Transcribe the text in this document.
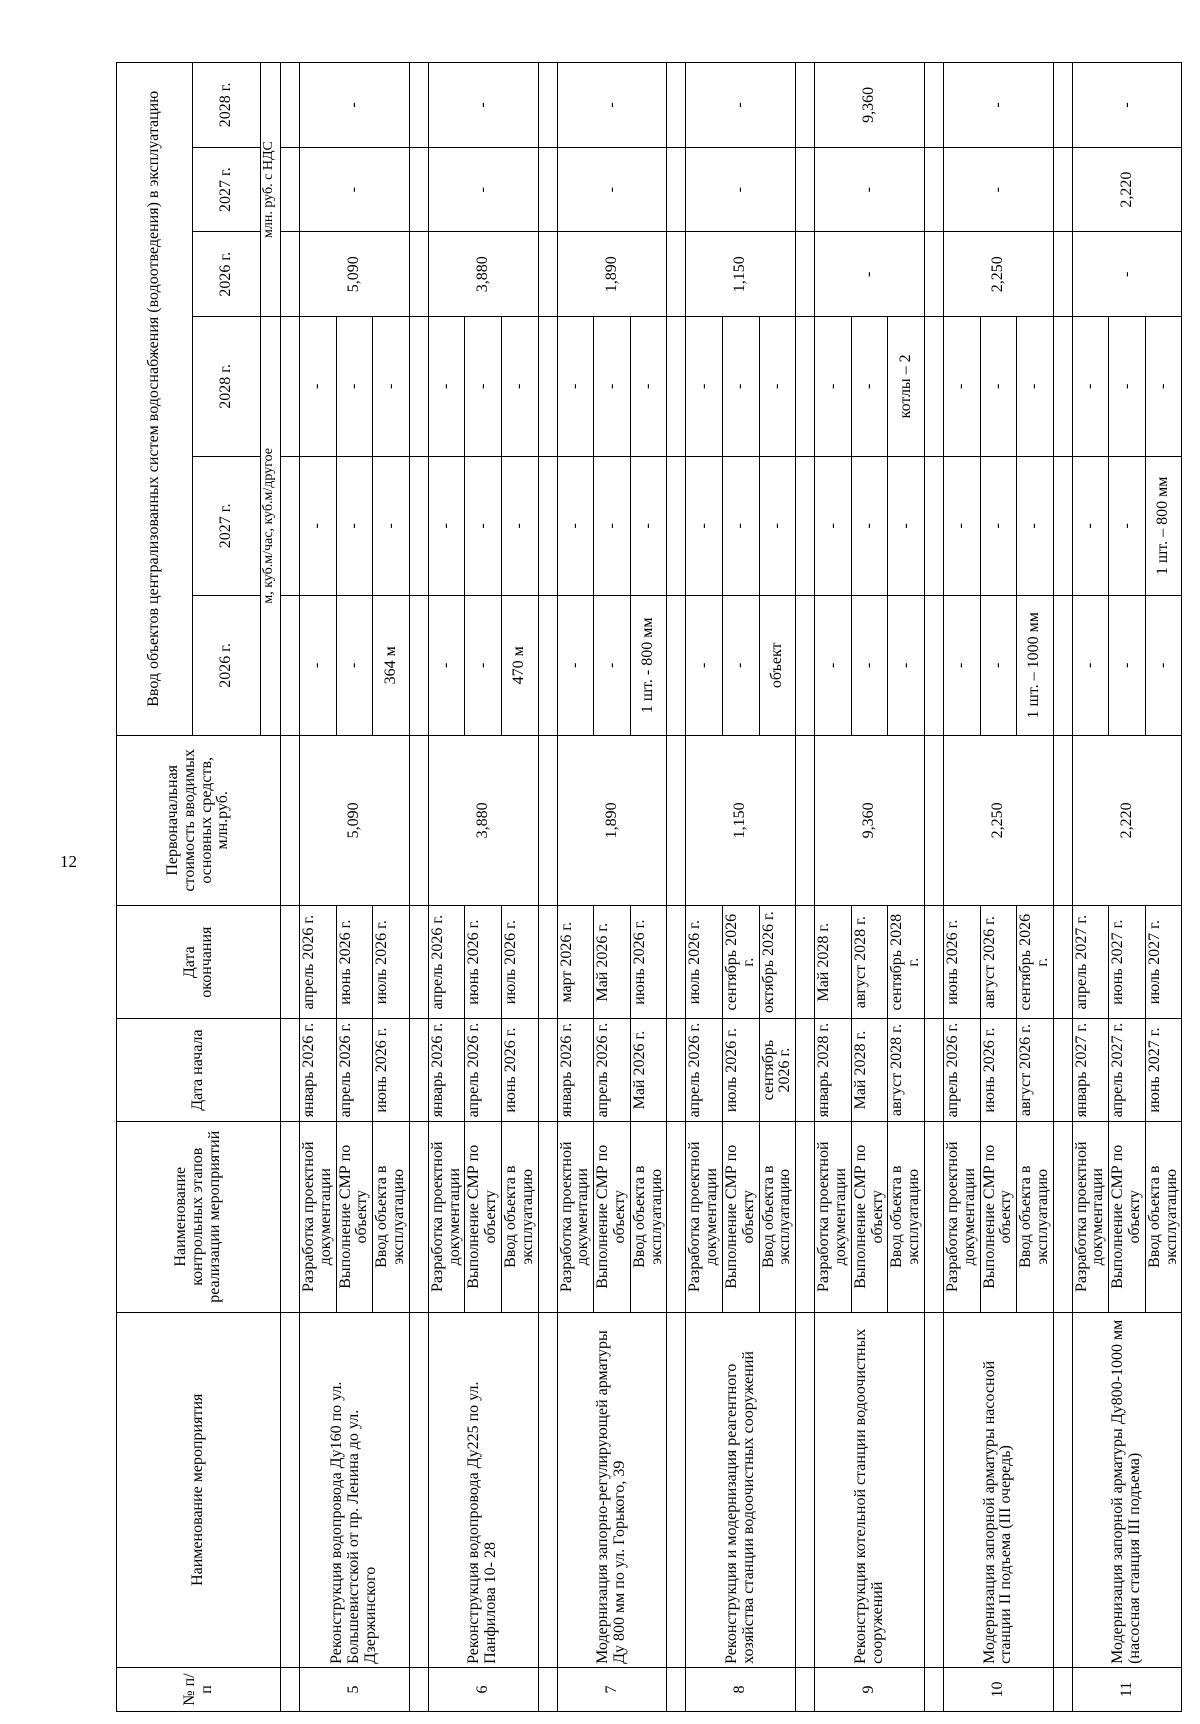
12
№ п/п	Наименование мероприятия	Наименование контрольных этапов реализации мероприятий	Дата начала	Дата окончания	Первоначальная стоимость вводимых основных средств, млн.руб.	Ввод объектов централизованных систем водоснабжения (водоотведения) в эксплуатацию					
						2026 г.	2027 г.	2028 г.	2026 г.	2027 г.	2028 г.
						м, куб.м/час, куб.м/другое			млн. руб. с НДС		

5	Реконструкция водопровода Ду160 по ул. Большевистской от пр. Ленина до ул. Дзержинского	Разработка проектной документации	январь 2026 г.	апрель 2026 г.	5,090	-	-	-	5,090	-	-
		Выполнение СМР по объекту	апрель 2026 г.	июнь 2026 г.		-	-	-			
		Ввод объекта в эксплуатацию	июнь 2026 г.	июль 2026 г.		364 м	-	-			

6	Реконструкция водопровода Ду225 по ул. Панфилова 10- 28	Разработка проектной документации	январь 2026 г.	апрель 2026 г.	3,880	-	-	-	3,880	-	-
		Выполнение СМР по объекту	апрель 2026 г.	июнь 2026 г.		-	-	-			
		Ввод объекта в эксплуатацию	июнь 2026 г.	июль 2026 г.		470 м	-	-			

7	Модернизация запорно-регулирующей арматуры Ду 800 мм по ул. Горького, 39	Разработка проектной документации	январь 2026 г.	март 2026 г.	1,890	-	-	-	1,890	-	-
		Выполнение СМР по объекту	апрель 2026 г.	Май 2026 г.		-	-	-			
		Ввод объекта в эксплуатацию	Май 2026 г.	июнь 2026 г.		1 шт. - 800 мм	-	-			

8	Реконструкция и модернизация реагентного хозяйства станции водоочистных сооружений	Разработка проектной документации	апрель 2026 г.	июль 2026 г.	1,150	-	-	-	1,150	-	-
		Выполнение СМР по объекту	июль 2026 г.	сентябрь 2026 г.		-	-	-			
		Ввод объекта в эксплуатацию	сентябрь 2026 г.	октябрь 2026 г.		объект	-	-			

9	Реконструкция котельной станции водоочистных сооружений	Разработка проектной документации	январь 2028 г.	Май 2028 г.	9,360	-	-	-	-	-	9,360
		Выполнение СМР по объекту	Май 2028 г.	август 2028 г.		-	-	-			
		Ввод объекта в эксплуатацию	август 2028 г.	сентябрь 2028 г.		-	-	котлы – 2			

10	Модернизация запорной арматуры насосной станции II подъема (III очередь)	Разработка проектной документации	апрель 2026 г.	июнь 2026 г.	2,250	-	-	-	2,250	-	-
		Выполнение СМР по объекту	июнь 2026 г.	август 2026 г.		-	-	-			
		Ввод объекта в эксплуатацию	август 2026 г.	сентябрь 2026 г.		1 шт. – 1000 мм	-	-			

11	Модернизация запорной арматуры Ду800-1000 мм (насосная станция III подъема)	Разработка проектной документации	январь 2027 г.	апрель 2027 г.	2,220	-	-	-	-	2,220	-
		Выполнение СМР по объекту	апрель 2027 г.	июнь 2027 г.		-	-	-			
		Ввод объекта в эксплуатацию	июнь 2027 г.	июль 2027 г.		-	1 шт. – 800 мм	-			
